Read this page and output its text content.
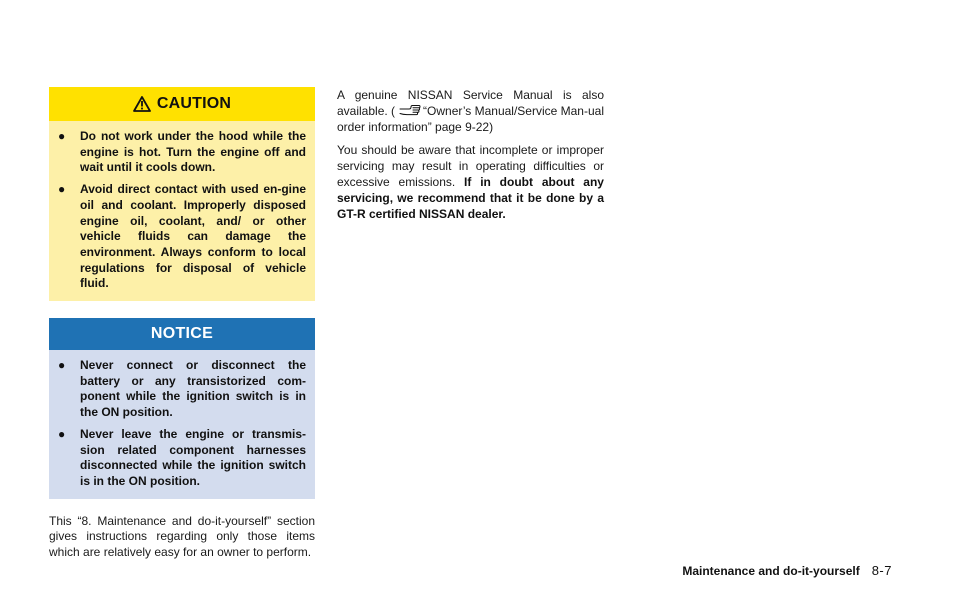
CAUTION
● Do not work under the hood while the engine is hot. Turn the engine off and wait until it cools down.
● Avoid direct contact with used en-gine oil and coolant. Improperly disposed engine oil, coolant, and/ or other vehicle fluids can damage the environment. Always conform to local regulations for disposal of vehicle fluid.
NOTICE
● Never connect or disconnect the battery or any transistorized com-ponent while the ignition switch is in the ON position.
● Never leave the engine or transmis-sion related component harnesses disconnected while the ignition switch is in the ON position.

This “8. Maintenance and do-it-yourself” section gives instructions regarding only those items which are relatively easy for an owner to perform.

A genuine NISSAN Service Manual is also available. ( “Owner’s Manual/Service Man-ual order information” page 9-22)

You should be aware that incomplete or improper servicing may result in operating difficulties or excessive emissions. If in doubt about any servicing, we recommend that it be done by a GT-R certified NISSAN dealer.

Maintenance and do-it-yourself 8-7
